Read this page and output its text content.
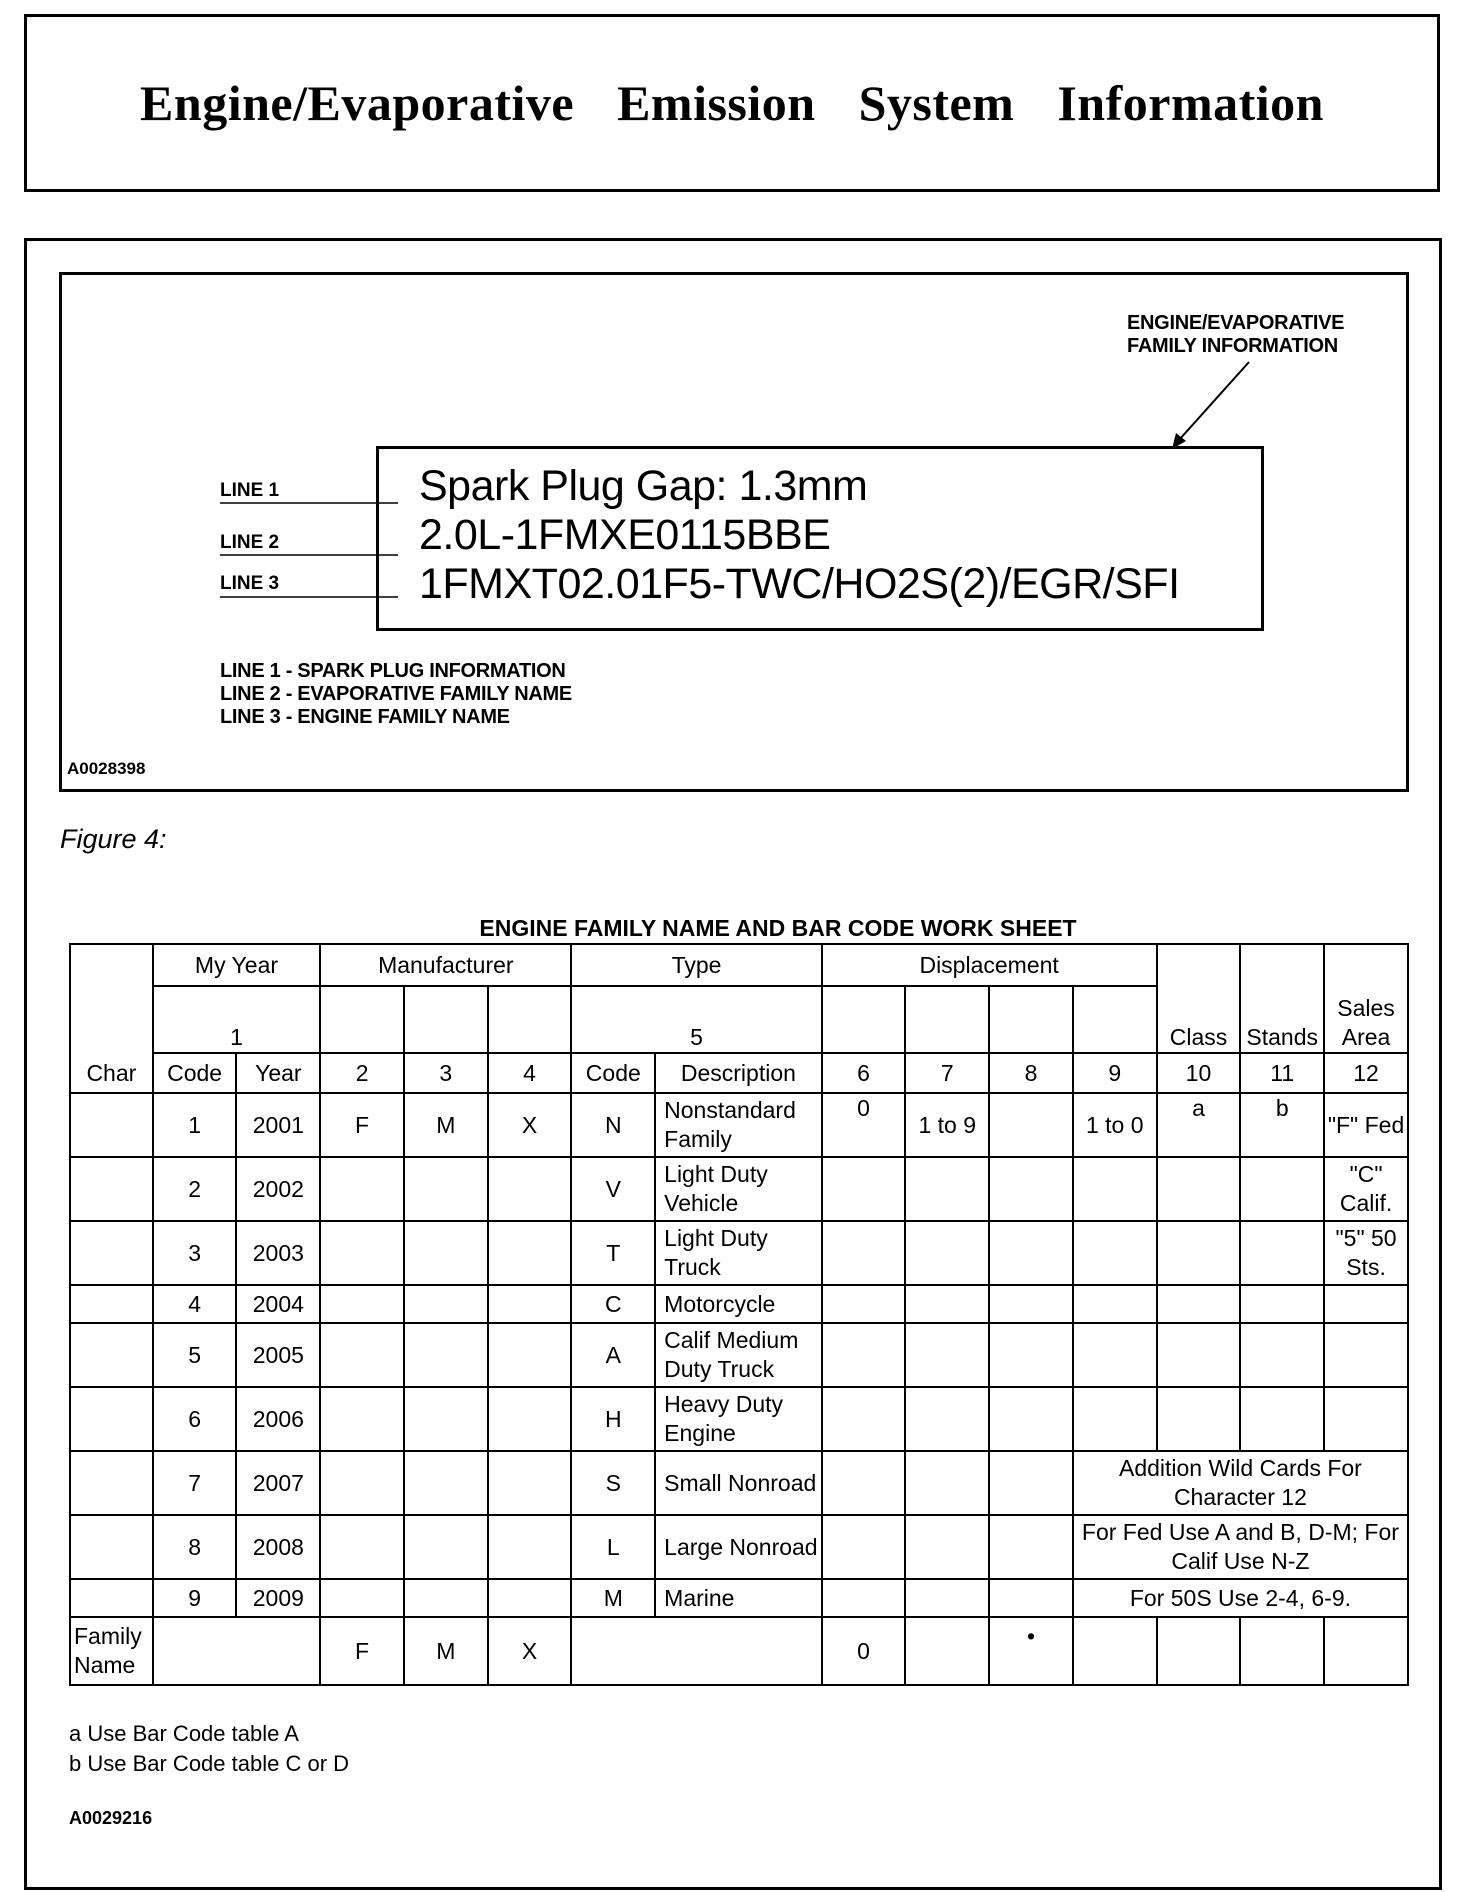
Engine/Evaporative Emission System Information
ENGINE/EVAPORATIVE
FAMILY INFORMATION
LINE 1
LINE 2
LINE 3
Spark Plug Gap: 1.3mm
2.0L-1FMXE0115BBE
1FMXT02.01F5-TWC/HO2S(2)/EGR/SFI
LINE 1 - SPARK PLUG INFORMATION
LINE 2 - EVAPORATIVE FAMILY NAME
LINE 3 - ENGINE FAMILY NAME
A0028398
Figure 4:
ENGINE FAMILY NAME AND BAR CODE WORK SHEET
Char	My Year		Manufacturer			Type		Displacement				Class	Stands	Sales Area
	1					5								
	Code	Year	2	3	4	Code	Description	6	7	8	9	10	11	12
	1	2001	F	M	X	N	Nonstandard Family	0	1 to 9		1 to 0	a	b	"F" Fed
	2	2002				V	Light Duty Vehicle							"C" Calif.
	3	2003				T	Light Duty Truck							"5" 50 Sts.
	4	2004				C	Motorcycle							
	5	2005				A	Calif Medium Duty Truck							
	6	2006				H	Heavy Duty Engine							
	7	2007				S	Small Nonroad				Addition Wild Cards For Character 12			
	8	2008				L	Large Nonroad				For Fed Use A and B, D-M; For Calif Use N-Z			
	9	2009				M	Marine				For 50S Use 2-4, 6-9.			
Family Name			F	M	X			0		•				
a Use Bar Code table A
b Use Bar Code table C or D
A0029216
